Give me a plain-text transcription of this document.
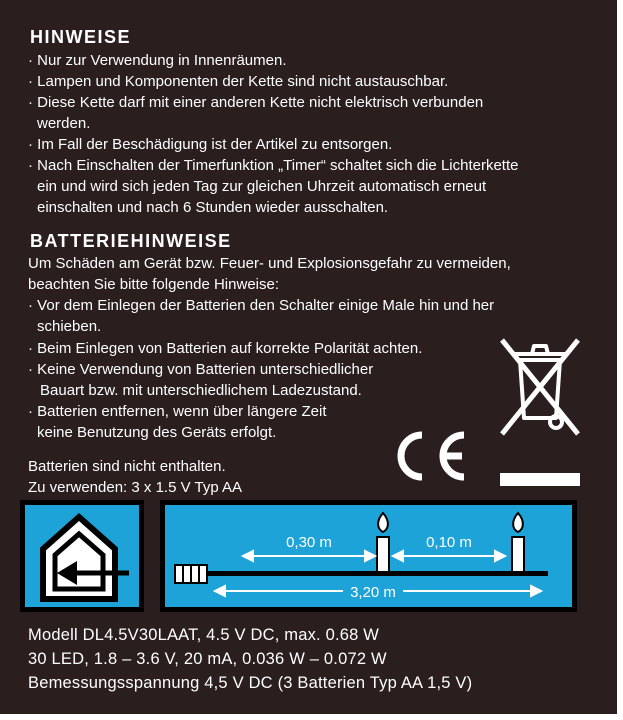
HINWEISE
· Nur zur Verwendung in Innenräumen.
· Lampen und Komponenten der Kette sind nicht austauschbar.
· Diese Kette darf mit einer anderen Kette nicht elektrisch verbunden
werden.
· Im Fall der Beschädigung ist der Artikel zu entsorgen.
· Nach Einschalten der Timerfunktion „Timer“ schaltet sich die Lichterkette
ein und wird sich jeden Tag zur gleichen Uhrzeit automatisch erneut
einschalten und nach 6 Stunden wieder ausschalten.
BATTERIEHINWEISE
Um Schäden am Gerät bzw. Feuer- und Explosionsgefahr zu vermeiden,
beachten Sie bitte folgende Hinweise:
· Vor dem Einlegen der Batterien den Schalter einige Male hin und her
schieben.
· Beim Einlegen von Batterien auf korrekte Polarität achten.
· Keine Verwendung von Batterien unterschiedlicher
Bauart bzw. mit unterschiedlichem Ladezustand.
· Batterien entfernen, wenn über längere Zeit
keine Benutzung des Geräts erfolgt.
Batterien sind nicht enthalten.
Zu verwenden: 3 x 1.5 V Typ AA
CE
0,30 m	0,10 m
3,20 m
Modell DL4.5V30LAAT, 4.5 V DC, max. 0.68 W
30 LED, 1.8 – 3.6 V, 20 mA, 0.036 W – 0.072 W
Bemessungsspannung 4,5 V DC (3 Batterien Typ AA 1,5 V)
